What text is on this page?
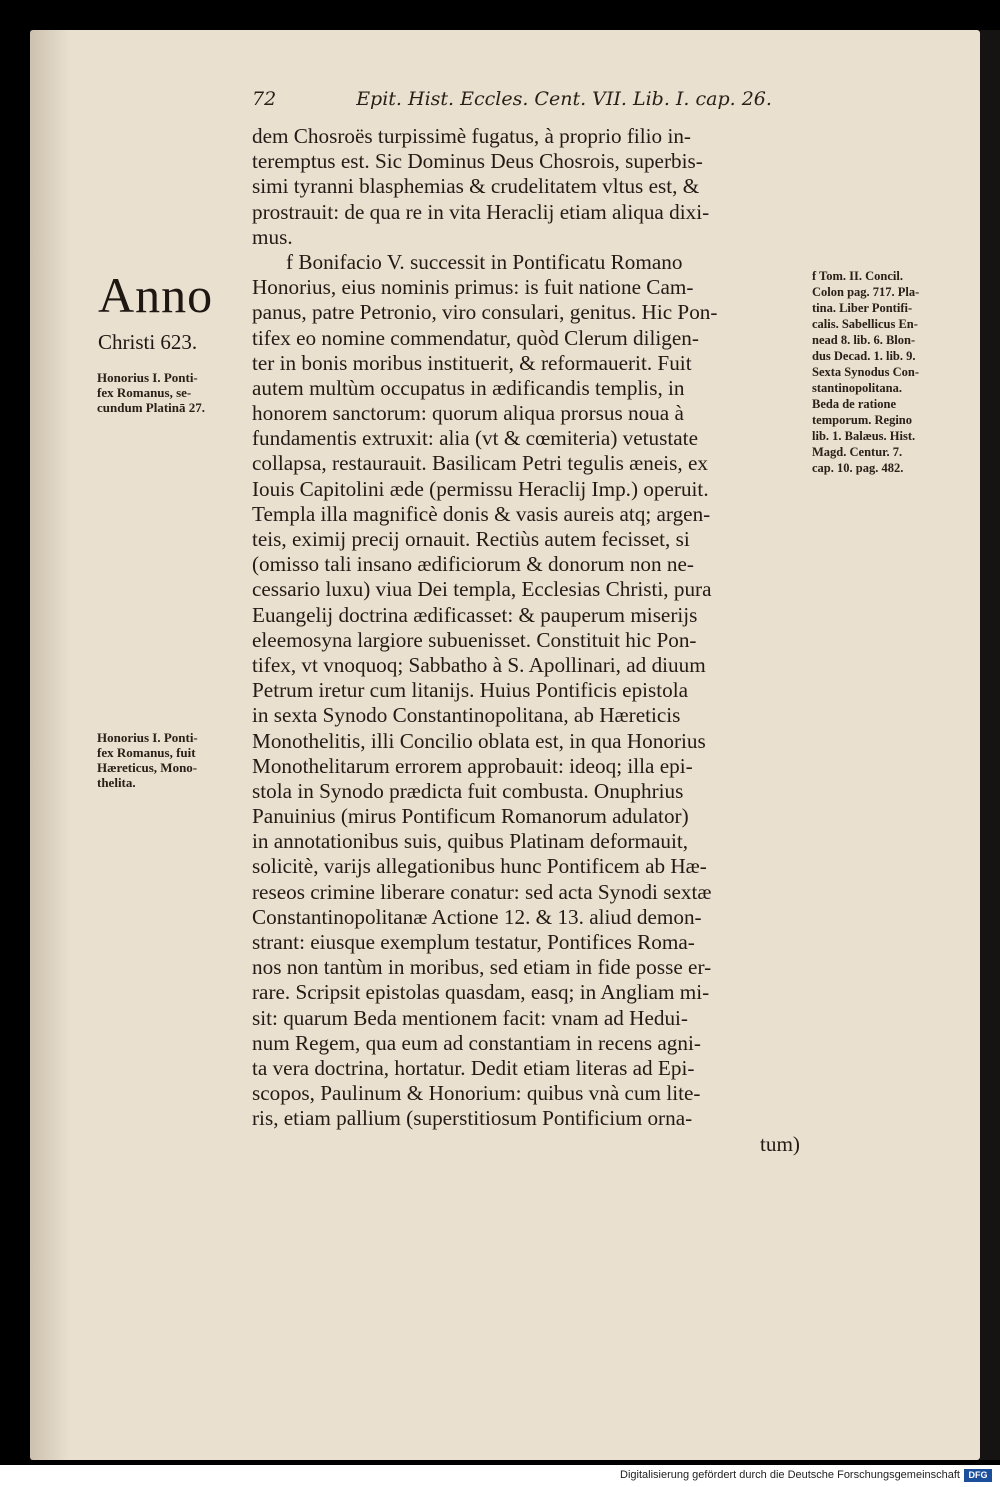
72	Epit. Hist. Eccles. Cent. VII. Lib. I. cap. 26.
Anno
Christi 623.
Honorius I. Ponti-
fex Romanus, se-
cundum Platinā 27.
Honorius I. Ponti-
fex Romanus, fuit
Hæreticus, Mono-
thelita.
f Tom. II. Concil.
Colon pag. 717. Pla-
tina. Liber Pontifi-
calis. Sabellicus En-
nead 8. lib. 6. Blon-
dus Decad. 1. lib. 9.
Sexta Synodus Con-
stantinopolitana.
Beda de ratione
temporum. Regino
lib. 1. Balæus. Hist.
Magd. Centur. 7.
cap. 10. pag. 482.
dem Chosroës turpissimè fugatus, à proprio filio in-
teremptus est. Sic Dominus Deus Chosrois, superbis-
simi tyranni blasphemias & crudelitatem vltus est, &
prostrauit: de qua re in vita Heraclij etiam aliqua dixi-
mus.
f Bonifacio V. successit in Pontificatu Romano
Honorius, eius nominis primus: is fuit natione Cam-
panus, patre Petronio, viro consulari, genitus. Hic Pon-
tifex eo nomine commendatur, quòd Clerum diligen-
ter in bonis moribus instituerit, & reformauerit. Fuit
autem multùm occupatus in ædificandis templis, in
honorem sanctorum: quorum aliqua prorsus noua à
fundamentis extruxit: alia (vt & cœmiteria) vetustate
collapsa, restaurauit. Basilicam Petri tegulis æneis, ex
Iouis Capitolini æde (permissu Heraclij Imp.) operuit.
Templa illa magnificè donis & vasis aureis atq; argen-
teis, eximij precij ornauit. Rectiùs autem fecisset, si
(omisso tali insano ædificiorum & donorum non ne-
cessario luxu) viua Dei templa, Ecclesias Christi, pura
Euangelij doctrina ædificasset: & pauperum miserijs
eleemosyna largiore subuenisset. Constituit hic Pon-
tifex, vt vnoquoq; Sabbatho à S. Apollinari, ad diuum
Petrum iretur cum litanijs. Huius Pontificis epistola
in sexta Synodo Constantinopolitana, ab Hæreticis
Monothelitis, illi Concilio oblata est, in qua Honorius
Monothelitarum errorem approbauit: ideoq; illa epi-
stola in Synodo prædicta fuit combusta. Onuphrius
Panuinius (mirus Pontificum Romanorum adulator)
in annotationibus suis, quibus Platinam deformauit,
solicitè, varijs allegationibus hunc Pontificem ab Hæ-
reseos crimine liberare conatur: sed acta Synodi sextæ
Constantinopolitanæ Actione 12. & 13. aliud demon-
strant: eiusque exemplum testatur, Pontifices Roma-
nos non tantùm in moribus, sed etiam in fide posse er-
rare. Scripsit epistolas quasdam, easq; in Angliam mi-
sit: quarum Beda mentionem facit: vnam ad Hedui-
num Regem, qua eum ad constantiam in recens agni-
ta vera doctrina, hortatur. Dedit etiam literas ad Epi-
scopos, Paulinum & Honorium: quibus vnà cum lite-
ris, etiam pallium (superstitiosum Pontificium orna-
tum)
Digitalisierung gefördert durch die Deutsche Forschungsgemeinschaft DFG
